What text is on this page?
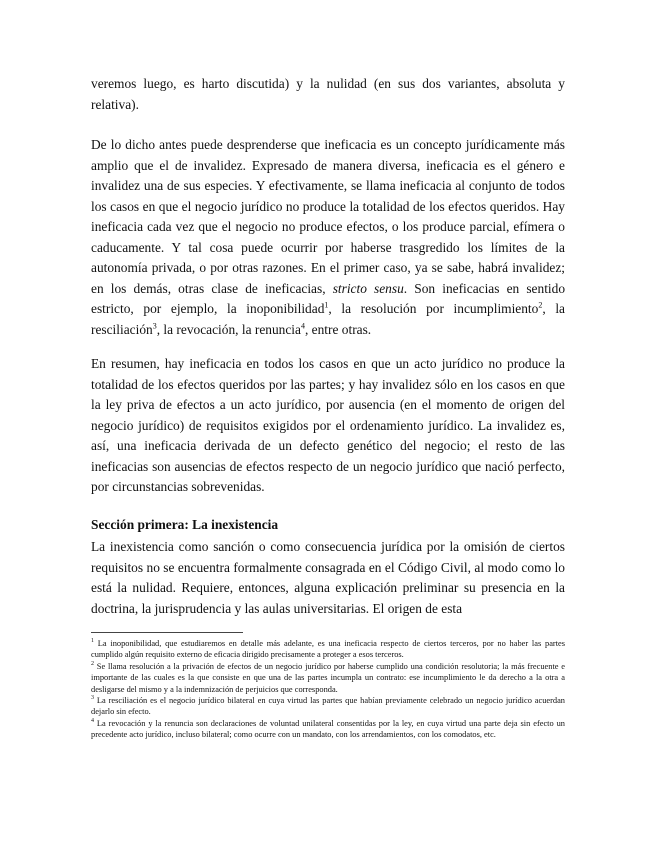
veremos luego, es harto discutida) y la nulidad (en sus dos variantes, absoluta y relativa).

De lo dicho antes puede desprenderse que ineficacia es un concepto jurídicamente más amplio que el de invalidez. Expresado de manera diversa, ineficacia es el género e invalidez una de sus especies. Y efectivamente, se llama ineficacia al conjunto de todos los casos en que el negocio jurídico no produce la totalidad de los efectos queridos. Hay ineficacia cada vez que el negocio no produce efectos, o los produce parcial, efímera o caducamente. Y tal cosa puede ocurrir por haberse trasgredido los límites de la autonomía privada, o por otras razones. En el primer caso, ya se sabe, habrá invalidez; en los demás, otras clase de ineficacias, stricto sensu. Son ineficacias en sentido estricto, por ejemplo, la inoponibilidad$^1$, la resolución por incumplimiento$^2$, la resciliación$^3$, la revocación, la renuncia$^4$, entre otras.

En resumen, hay ineficacia en todos los casos en que un acto jurídico no produce la totalidad de los efectos queridos por las partes; y hay invalidez sólo en los casos en que la ley priva de efectos a un acto jurídico, por ausencia (en el momento de origen del negocio jurídico) de requisitos exigidos por el ordenamiento jurídico. La invalidez es, así, una ineficacia derivada de un defecto genético del negocio; el resto de las ineficacias son ausencias de efectos respecto de un negocio jurídico que nació perfecto, por circunstancias sobrevenidas.

Sección primera: La inexistencia

La inexistencia como sanción o como consecuencia jurídica por la omisión de ciertos requisitos no se encuentra formalmente consagrada en el Código Civil, al modo como lo está la nulidad. Requiere, entonces, alguna explicación preliminar su presencia en la doctrina, la jurisprudencia y las aulas universitarias. El origen de esta

$^1$ La inoponibilidad, que estudiaremos en detalle más adelante, es una ineficacia respecto de ciertos terceros, por no haber las partes cumplido algún requisito externo de eficacia dirigido precisamente a proteger a esos terceros.

$^2$ Se llama resolución a la privación de efectos de un negocio jurídico por haberse cumplido una condición resolutoria; la más frecuente e importante de las cuales es la que consiste en que una de las partes incumpla un contrato: ese incumplimiento le da derecho a la otra a desligarse del mismo y a la indemnización de perjuicios que corresponda.

$^3$ La resciliación es el negocio jurídico bilateral en cuya virtud las partes que habían previamente celebrado un negocio jurídico acuerdan dejarlo sin efecto.

$^4$ La revocación y la renuncia son declaraciones de voluntad unilateral consentidas por la ley, en cuya virtud una parte deja sin efecto un precedente acto jurídico, incluso bilateral; como ocurre con un mandato, con los arrendamientos, con los comodatos, etc.
